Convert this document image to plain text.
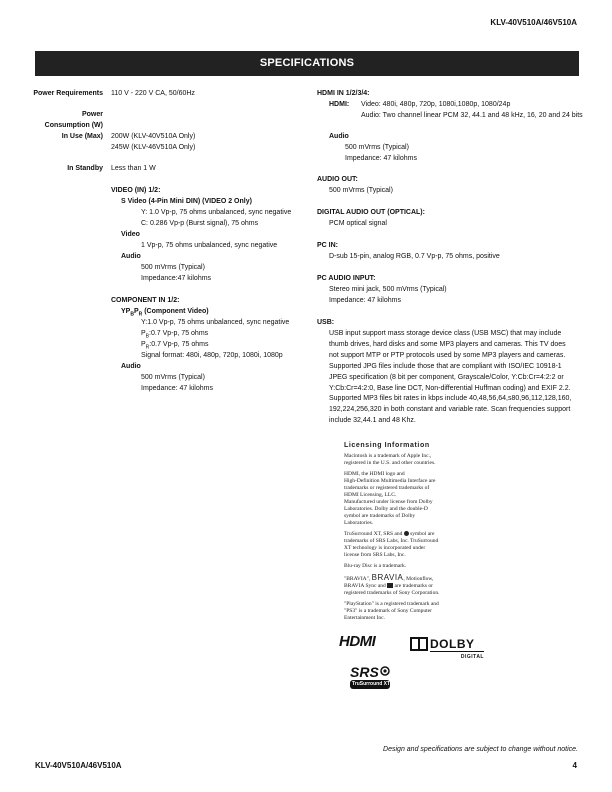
KLV-40V510A/46V510A
SPECIFICATIONS
Power Requirements 110 V - 220 V CA, 50/60Hz
Power
Consumption (W)
In Use (Max) 200W (KLV-40V510A Only)
245W (KLV-46V510A Only)
In Standby Less than 1 W
VIDEO (IN) 1/2:
S Video (4-Pin Mini DIN) (VIDEO 2 Only)
Y: 1.0 Vp-p, 75 ohms unbalanced, sync negative
C: 0.286 Vp-p (Burst signal), 75 ohms
Video
1 Vp-p, 75 ohms unbalanced, sync negative
Audio
500 mVrms (Typical)
Impedance:47 kilohms
COMPONENT IN 1/2:
$YP_BP_R$ (Component Video)
Y:1.0 Vp-p, 75 ohms unbalanced, sync negative
$P_B:0.7$ Vp-p, 75 ohms
$P_R:0.7$ Vp-p, 75 ohms
Signal format: 480i, 480p, 720p, 1080i, 1080p
Audio
500 mVrms (Typical)
Impedance: 47 kilohms
HDMI IN 1/2/3/4:
HDMI: Video: 480i, 480p, 720p, 1080i,1080p, 1080/24p
Audio: Two channel linear PCM 32, 44.1 and 48 kHz, 16, 20 and 24 bits
Audio
500 mVrms (Typical)
Impedance: 47 kilohms
AUDIO OUT:
500 mVrms (Typical)
DIGITAL AUDIO OUT (OPTICAL):
PCM optical signal
PC IN:
D-sub 15-pin, analog RGB, 0.7 Vp-p, 75 ohms, positive
PC AUDIO INPUT:
Stereo mini jack, 500 mVrms (Typical)
Impedance: 47 kilohms
USB:
USB input support mass storage device class (USB MSC) that may include
thumb drives, hard disks and some MP3 players and cameras. This TV does
not support MTP or PTP protocols used by some MP3 players and cameras.
Supported JPG files include those that are compliant with ISO/IEC 10918-1
JPEG specification (8 bit per component, Grayscale/Color, Y:Cb:Cr=4:2:2 or
Y:Cb:Cr=4:2:0, Base line DCT, Non-differential Huffman coding) and EXIF 2.2.
Supported MP3 files bit rates in kbps include 40,48,56,64,s80,96,112,128,160,
192,224,256,320 in both constant and variable rate. Scan frequencies support
include 32,44.1 and 48 Khz.
Licensing Information

Macintosh is a trademark of Apple Inc.,
registered in the U.S. and other countries.

HDMI, the HDMI logo and
High-Definition Multimedia Interface are
trademarks or registered trademarks of
HDMI Licensing, LLC.
Manufactured under license from Dolby
Laboratories. Dolby and the double-D
symbol are trademarks of Dolby
Laboratories.

TruSurround XT, SRS and symbol are
trademarks of SRS Labs, Inc. TruSurround
XT technology is incorporated under
license from SRS Labs, Inc.

Blu-ray Disc is a trademark.

"BRAVIA", BRAVIA, Motionflow,
BRAVIA Sync and are trademarks or
registered trademarks of Sony Corporation.

"PlayStation" is a registered trademark and
"PS3" is a trademark of Sony Computer
Entertainment Inc.

HDMI	DOLBY
DIGITAL
SRS
TruSurround XT
Design and specifications are subject to change without notice.
KLV-40V510A/46V510A	4
